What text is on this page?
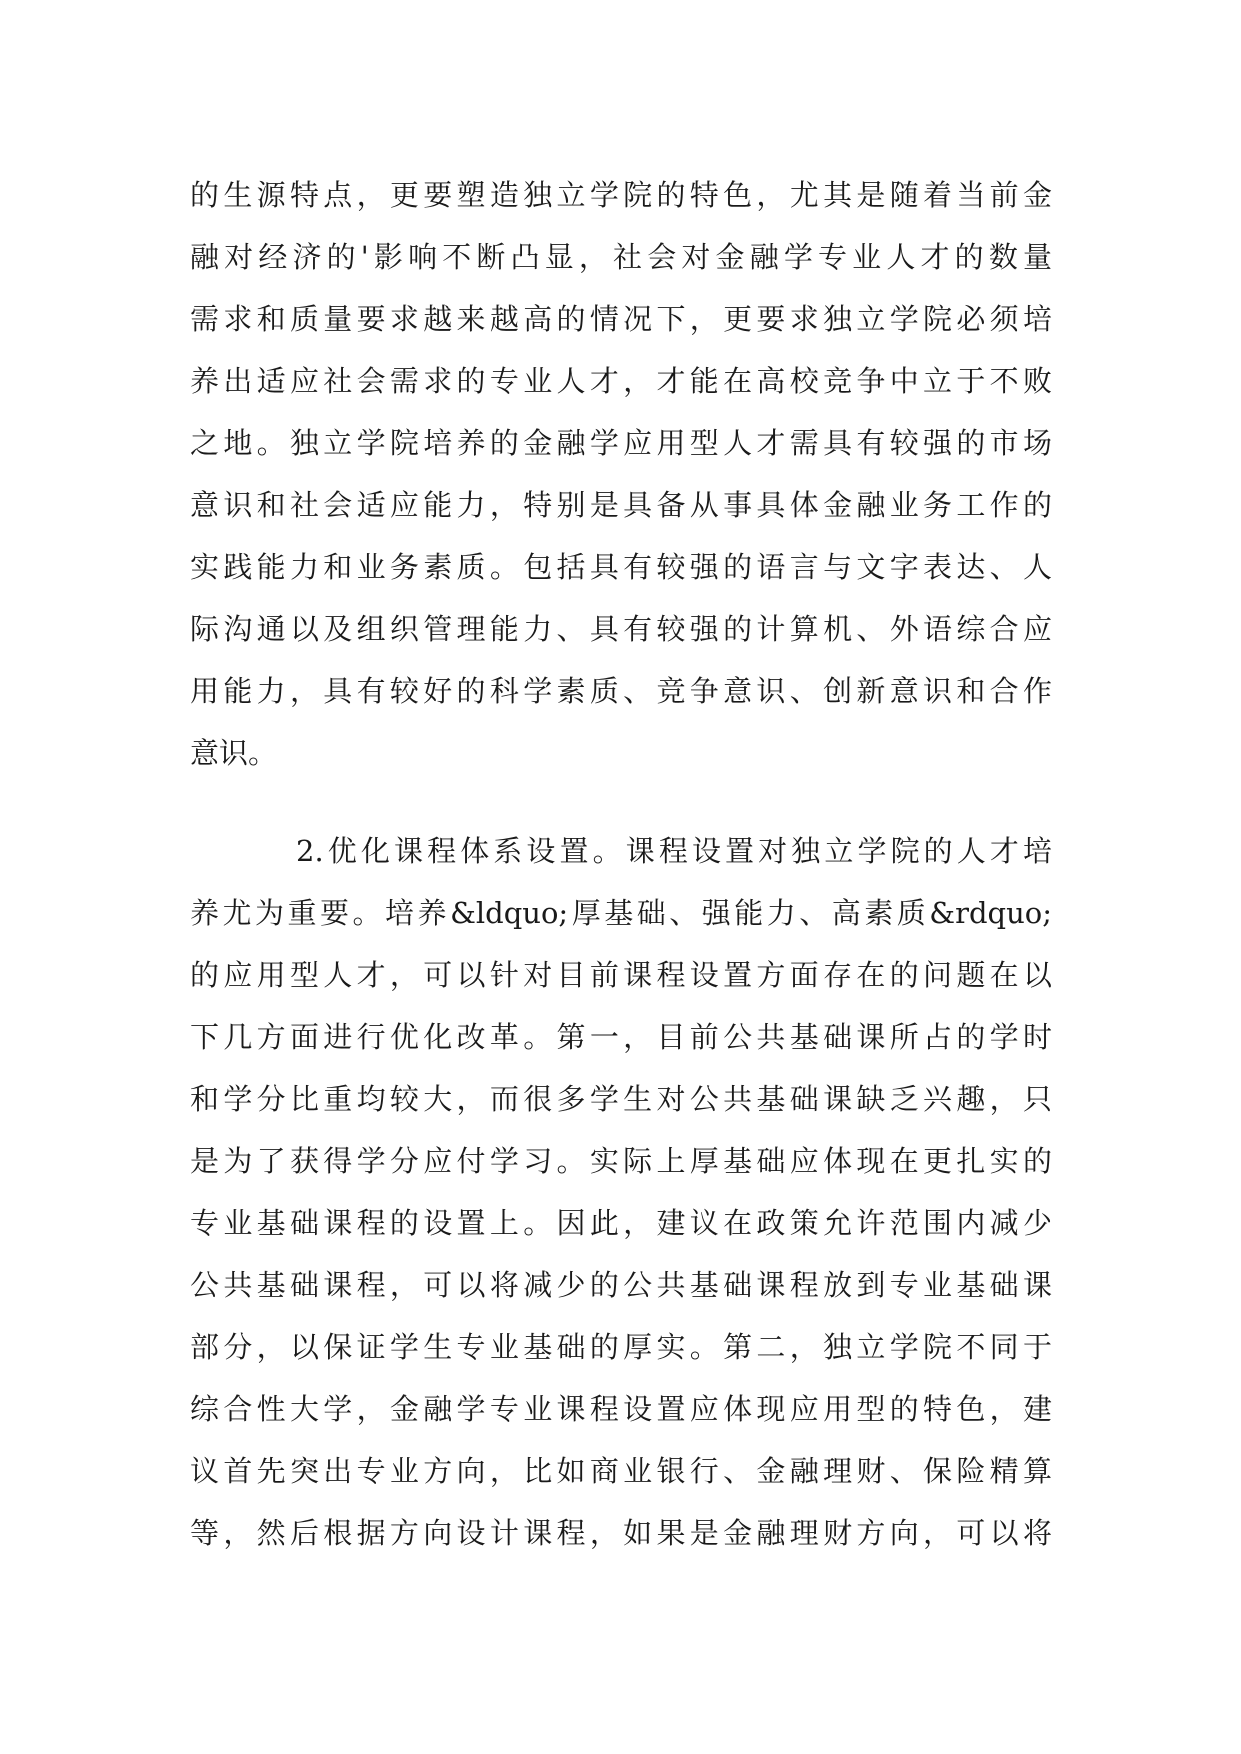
的生源特点，更要塑造独立学院的特色，尤其是随着当前金
融对经济的'影响不断凸显，社会对金融学专业人才的数量
需求和质量要求越来越高的情况下，更要求独立学院必须培
养出适应社会需求的专业人才，才能在高校竞争中立于不败
之地。独立学院培养的金融学应用型人才需具有较强的市场
意识和社会适应能力，特别是具备从事具体金融业务工作的
实践能力和业务素质。包括具有较强的语言与文字表达、人
际沟通以及组织管理能力、具有较强的计算机、外语综合应
用能力，具有较好的科学素质、竞争意识、创新意识和合作
意识。
2.优化课程体系设置。课程设置对独立学院的人才培
养尤为重要。培养&ldquo;厚基础、强能力、高素质&rdquo;
的应用型人才，可以针对目前课程设置方面存在的问题在以
下几方面进行优化改革。第一，目前公共基础课所占的学时
和学分比重均较大，而很多学生对公共基础课缺乏兴趣，只
是为了获得学分应付学习。实际上厚基础应体现在更扎实的
专业基础课程的设置上。因此，建议在政策允许范围内减少
公共基础课程，可以将减少的公共基础课程放到专业基础课
部分，以保证学生专业基础的厚实。第二，独立学院不同于
综合性大学，金融学专业课程设置应体现应用型的特色，建
议首先突出专业方向，比如商业银行、金融理财、保险精算
等，然后根据方向设计课程，如果是金融理财方向，可以将
